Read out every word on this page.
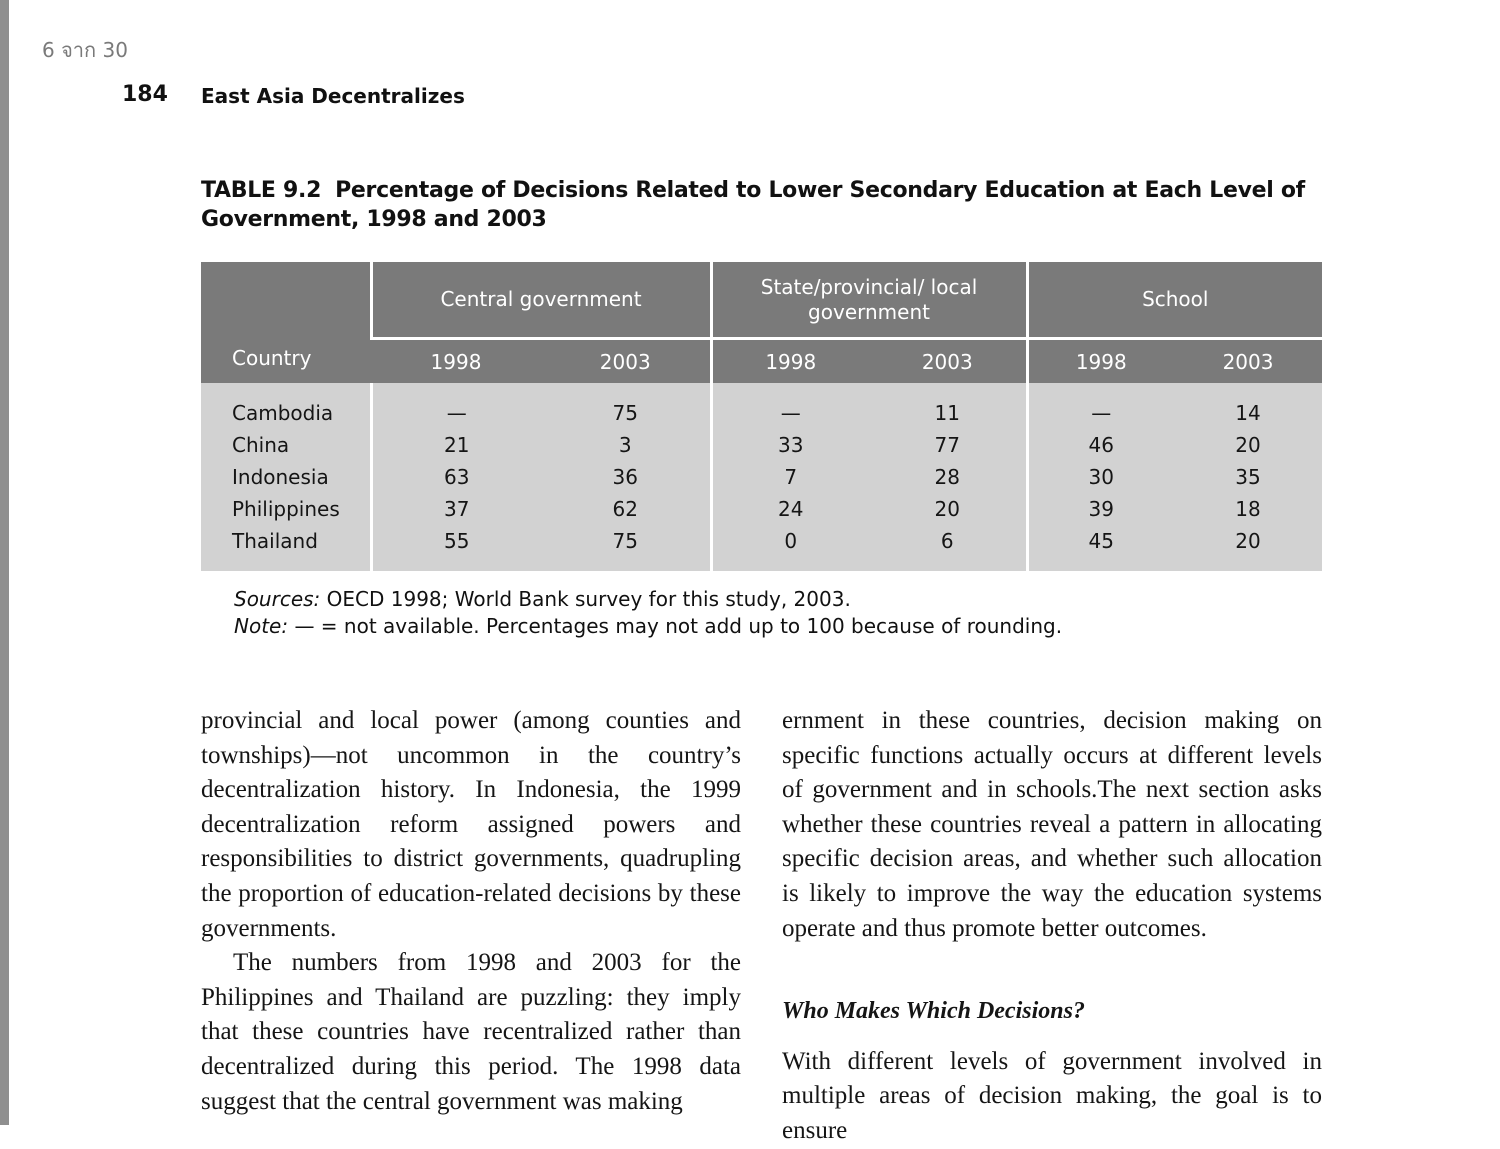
6 จาก 30
184 East Asia Decentralizes
TABLE 9.2 Percentage of Decisions Related to Lower Secondary Education at Each Level of Government, 1998 and 2003
Country	Central government		State/provincial/ local government		School	
	1998	2003	1998	2003	1998	2003
Cambodia	—	75	—	11	—	14
China	21	3	33	77	46	20
Indonesia	63	36	7	28	30	35
Philippines	37	62	24	20	39	18
Thailand	55	75	0	6	45	20
Sources: OECD 1998; World Bank survey for this study, 2003.
Note: — = not available. Percentages may not add up to 100 because of rounding.

provincial and local power (among counties and townships)—not uncommon in the country’s decentralization history. In Indonesia, the 1999 decentralization reform assigned powers and responsibilities to district governments, quadrupling the proportion of education-related decisions by these governments.

The numbers from 1998 and 2003 for the Philippines and Thailand are puzzling: they imply that these countries have recentralized rather than decentralized during this period. The 1998 data suggest that the central government was making

ernment in these countries, decision making on specific functions actually occurs at different levels of government and in schools.The next section asks whether these countries reveal a pattern in allocating specific decision areas, and whether such allocation is likely to improve the way the education systems operate and thus promote better outcomes.

Who Makes Which Decisions?

With different levels of government involved in multiple areas of decision making, the goal is to ensure
